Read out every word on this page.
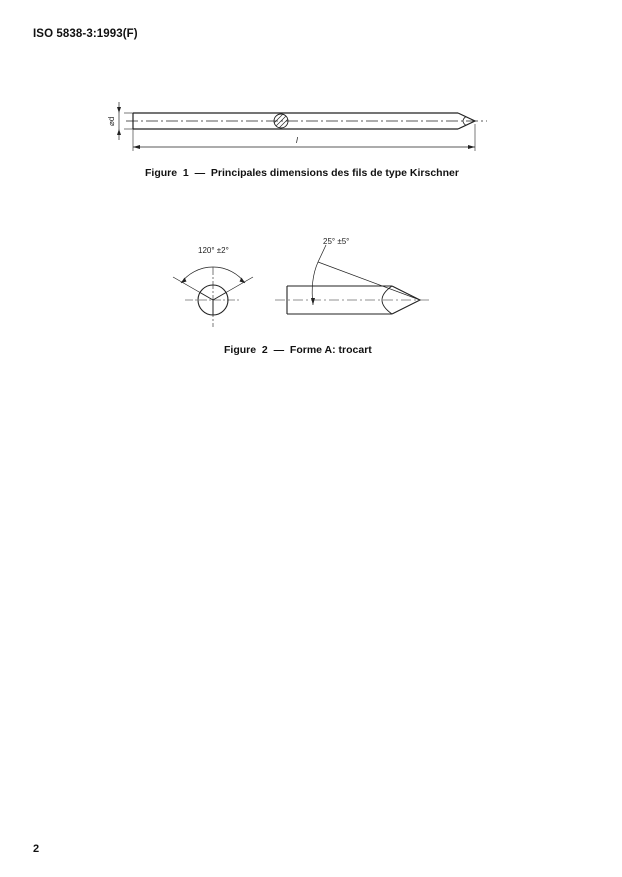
ISO 5838-3:1993(F)
⌀d
l
120° ±2°
25° ±5°
Figure  1  —  Principales dimensions des fils de type Kirschner
Figure  2  —  Forme A: trocart
2
